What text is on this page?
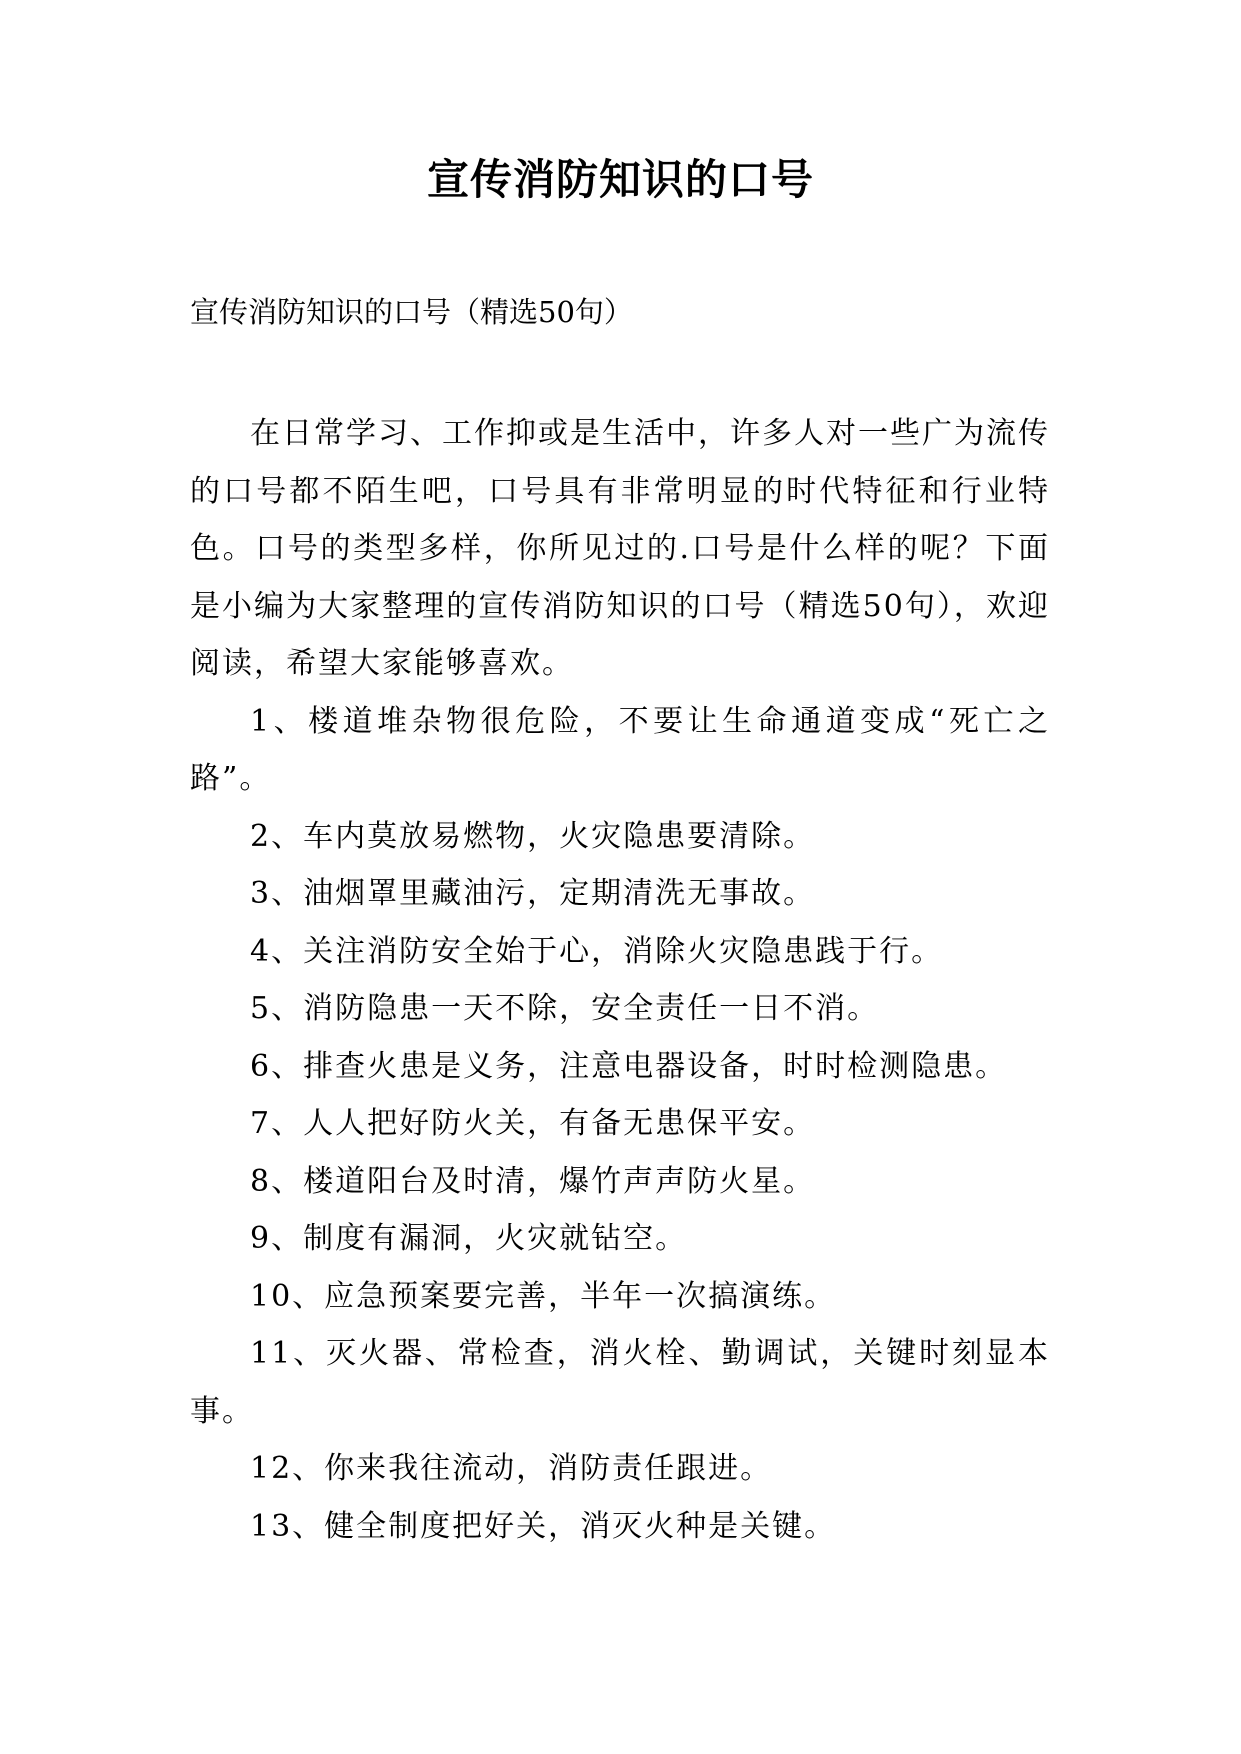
宣传消防知识的口号

宣传消防知识的口号（精选50句）

在日常学习、工作抑或是生活中，许多人对一些广为流传的口号都不陌生吧，口号具有非常明显的时代特征和行业特色。口号的类型多样，你所见过的.口号是什么样的呢？下面是小编为大家整理的宣传消防知识的口号（精选50句），欢迎阅读，希望大家能够喜欢。

1、楼道堆杂物很危险，不要让生命通道变成“死亡之路”。

2、车内莫放易燃物，火灾隐患要清除。

3、油烟罩里藏油污，定期清洗无事故。

4、关注消防安全始于心，消除火灾隐患践于行。

5、消防隐患一天不除，安全责任一日不消。

6、排查火患是义务，注意电器设备，时时检测隐患。

7、人人把好防火关，有备无患保平安。

8、楼道阳台及时清，爆竹声声防火星。

9、制度有漏洞，火灾就钻空。

10、应急预案要完善，半年一次搞演练。

11、灭火器、常检查，消火栓、勤调试，关键时刻显本事。

12、你来我往流动，消防责任跟进。

13、健全制度把好关，消灭火种是关键。
